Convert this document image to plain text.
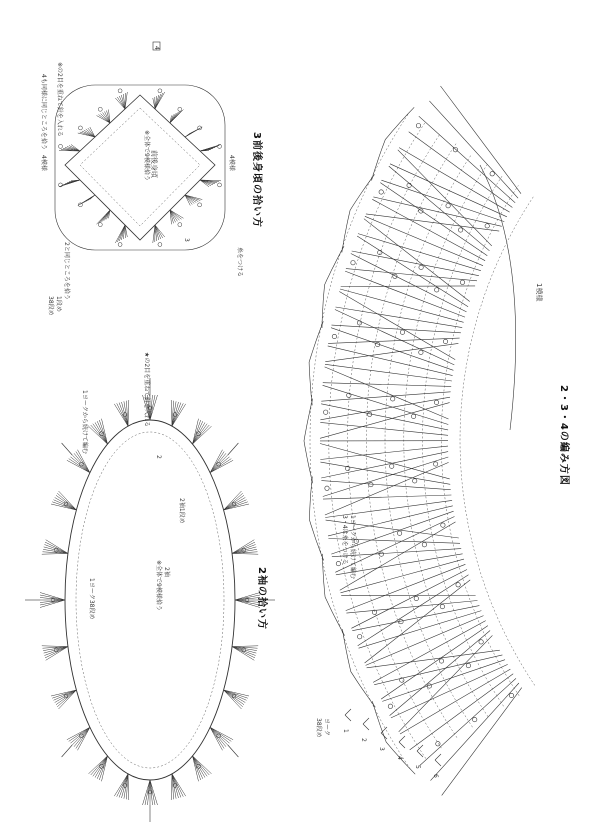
2・3・4の編み方図
3前後身頃の拾い方
2袖の拾い方
1模様
1ヨークから続けて編む
3・4は糸をつける
ヨーク
38段め	1
2
3
4
5
6
前後身頃
※全体で9模様拾う
4模様	4模様
※の2目を重ねて針を入れる
4も同様に同じところを拾う
糸をつける
2と同じところを拾う
1段め
38段め
4
3
★の2目を重ねて針を入れる
1ヨークから続けて編む
2袖1段め
2袖
※全体で9模様拾う
1ヨーク38段め
2
